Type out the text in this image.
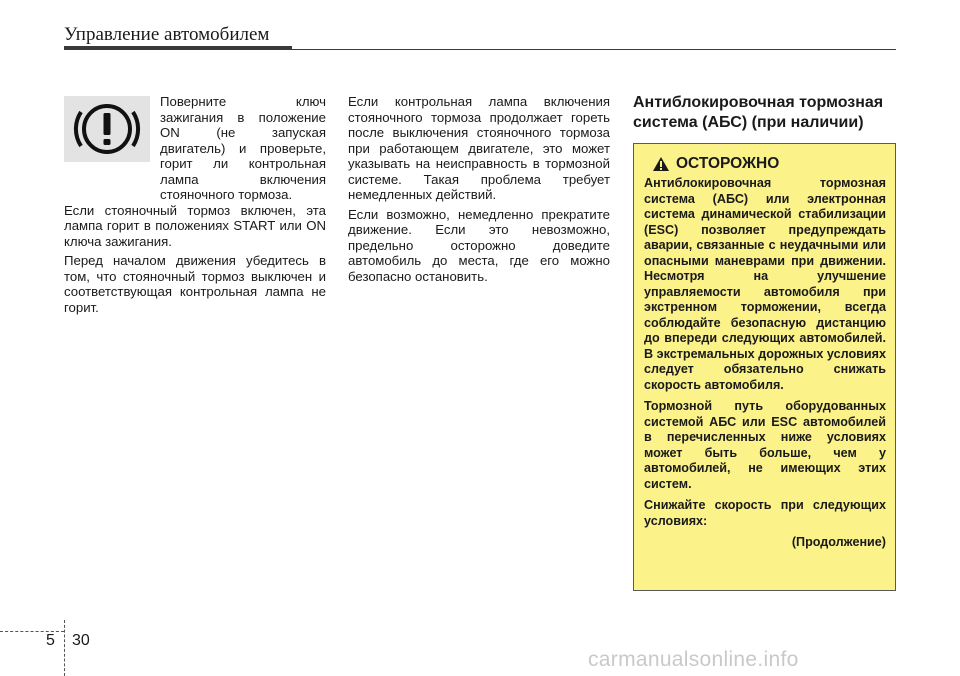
Управление автомобилем

Поверните ключ зажигания в положение ON (не запуская двигатель) и проверьте, горит ли контрольная лампа включения стояночного тормоза.

Если стояночный тормоз включен, эта лампа горит в положениях START или ON ключа зажигания.

Перед началом движения убедитесь в том, что стояночный тормоз выключен и соответствующая контрольная лампа не горит.

Если контрольная лампа включения стояночного тормоза продолжает гореть после выключения стояночного тормоза при работающем двигателе, это может указывать на неисправность в тормозной системе. Такая проблема требует немедленных действий.

Если возможно, немедленно прекратите движение. Если это невозможно, предельно осторожно доведите автомобиль до места, где его можно безопасно остановить.

Антиблокировочная тормозная система (АБС) (при наличии)
ОСТОРОЖНО

Антиблокировочная тормозная система (АБС) или электронная система динамической стабилизации (ESC) позволяет предупреждать аварии, связанные с неудачными или опасными маневрами при движении. Несмотря на улучшение управляемости автомобиля при экстренном торможении, всегда соблюдайте безопасную дистанцию до впереди следующих автомобилей. В экстремальных дорожных условиях следует обязательно снижать скорость автомобиля.

Тормозной путь оборудованных системой АБС или ESC автомобилей в перечисленных ниже условиях может быть больше, чем у автомобилей, не имеющих этих систем.

Снижайте скорость при следующих условиях:

(Продолжение)
5 30
carmanualsonline.info
